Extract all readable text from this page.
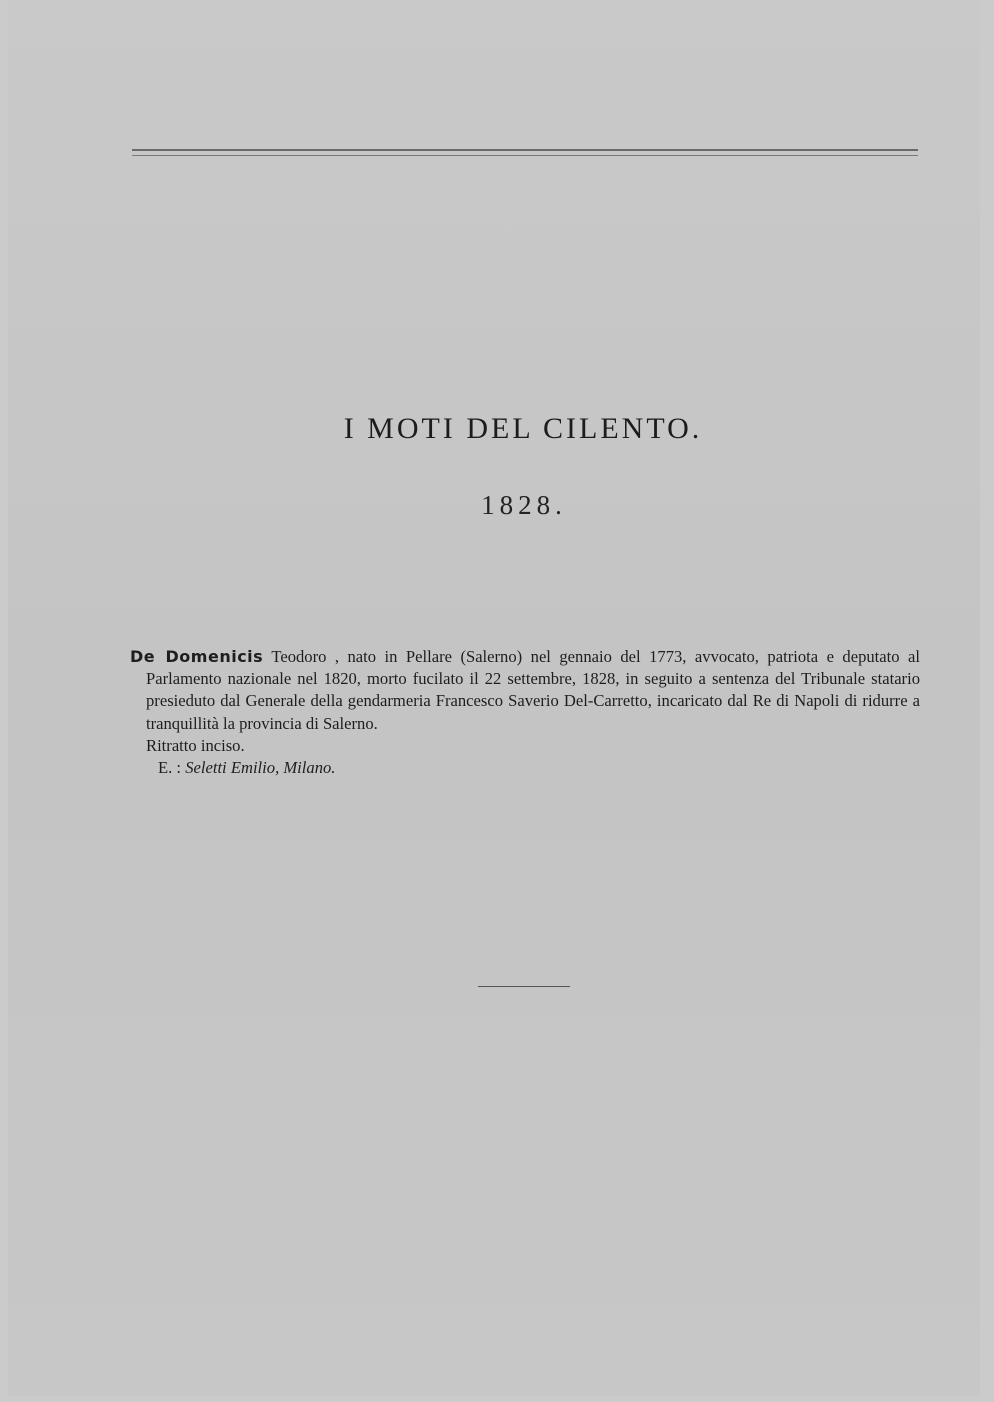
I MOTI DEL CILENTO.
1828.

De Domenicis Teodoro , nato in Pellare (Salerno) nel gennaio del 1773, avvocato, patriota e deputato al Parlamento nazionale nel 1820, morto fucilato il 22 settembre, 1828, in seguito a sentenza del Tribunale statario presieduto dal Generale della gendarmeria Francesco Saverio Del-Carretto, incaricato dal Re di Napoli di ridurre a tranquillità la provincia di Salerno.

Ritratto inciso.

E. : Seletti Emilio, Milano.
